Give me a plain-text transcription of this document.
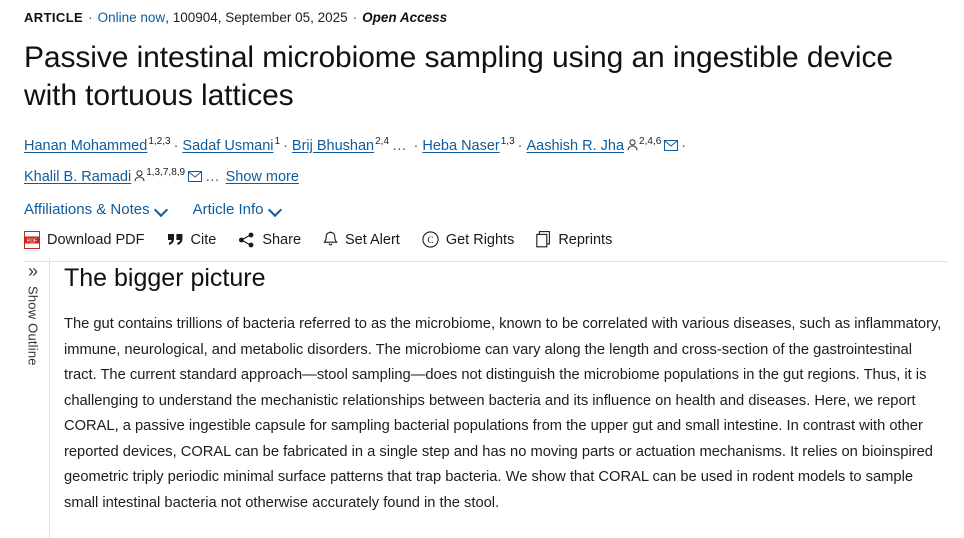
ARTICLE · Online now , 100904 , September 05, 2025 · Open Access
Passive intestinal microbiome sampling using an ingestible device with tortuous lattices
Hanan Mohammed$^{1,2,3}$ · Sadaf Usmani$^1$ · Brij Bhushan$^{2,4}$ … · Heba Naser$^{1,3}$ · Aashish R. Jha $^{2,4,6}$ ·
Khalil B. Ramadi $^{1,3,7,8,9}$ … Show more
Affiliations & Notes	Article Info
PDF Download PDF	Cite	Share	Set Alert	C Get Rights	Reprints
»
Show Outline
The bigger picture

The gut contains trillions of bacteria referred to as the microbiome, known to be correlated with various diseases, such as inflammatory, immune, neurological, and metabolic disorders. The microbiome can vary along the length and cross-section of the gastrointestinal tract. The current standard approach—stool sampling—does not distinguish the microbiome populations in the gut regions. Thus, it is challenging to understand the mechanistic relationships between bacteria and its influence on health and diseases. Here, we report CORAL, a passive ingestible capsule for sampling bacterial populations from the upper gut and small intestine. In contrast with other reported devices, CORAL can be fabricated in a single step and has no moving parts or actuation mechanisms. It relies on bioinspired geometric triply periodic minimal surface patterns that trap bacteria. We show that CORAL can be used in rodent models to sample small intestinal bacteria not otherwise accurately found in the stool.
